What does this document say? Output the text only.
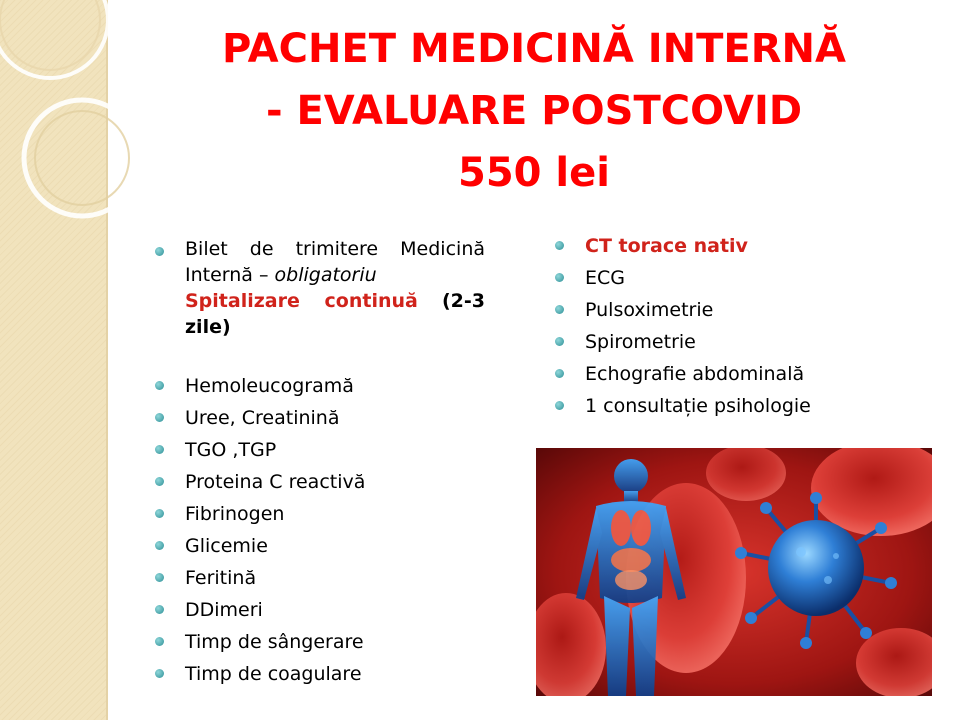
PACHET MEDICINĂ INTERNĂ
- EVALUARE POSTCOVID
550 lei
Bilet de trimitere Medicină Internă – obligatoriu
Spitalizare continuă (2-3 zile)
Hemoleucogramă
Uree, Creatinină
TGO ,TGP
Proteina C reactivă
Fibrinogen
Glicemie
Feritină
DDimeri
Timp de sângerare
Timp de coagulare
CT torace nativ
ECG
Pulsoximetrie
Spirometrie
Echografie abdominală
1 consultație psihologie
